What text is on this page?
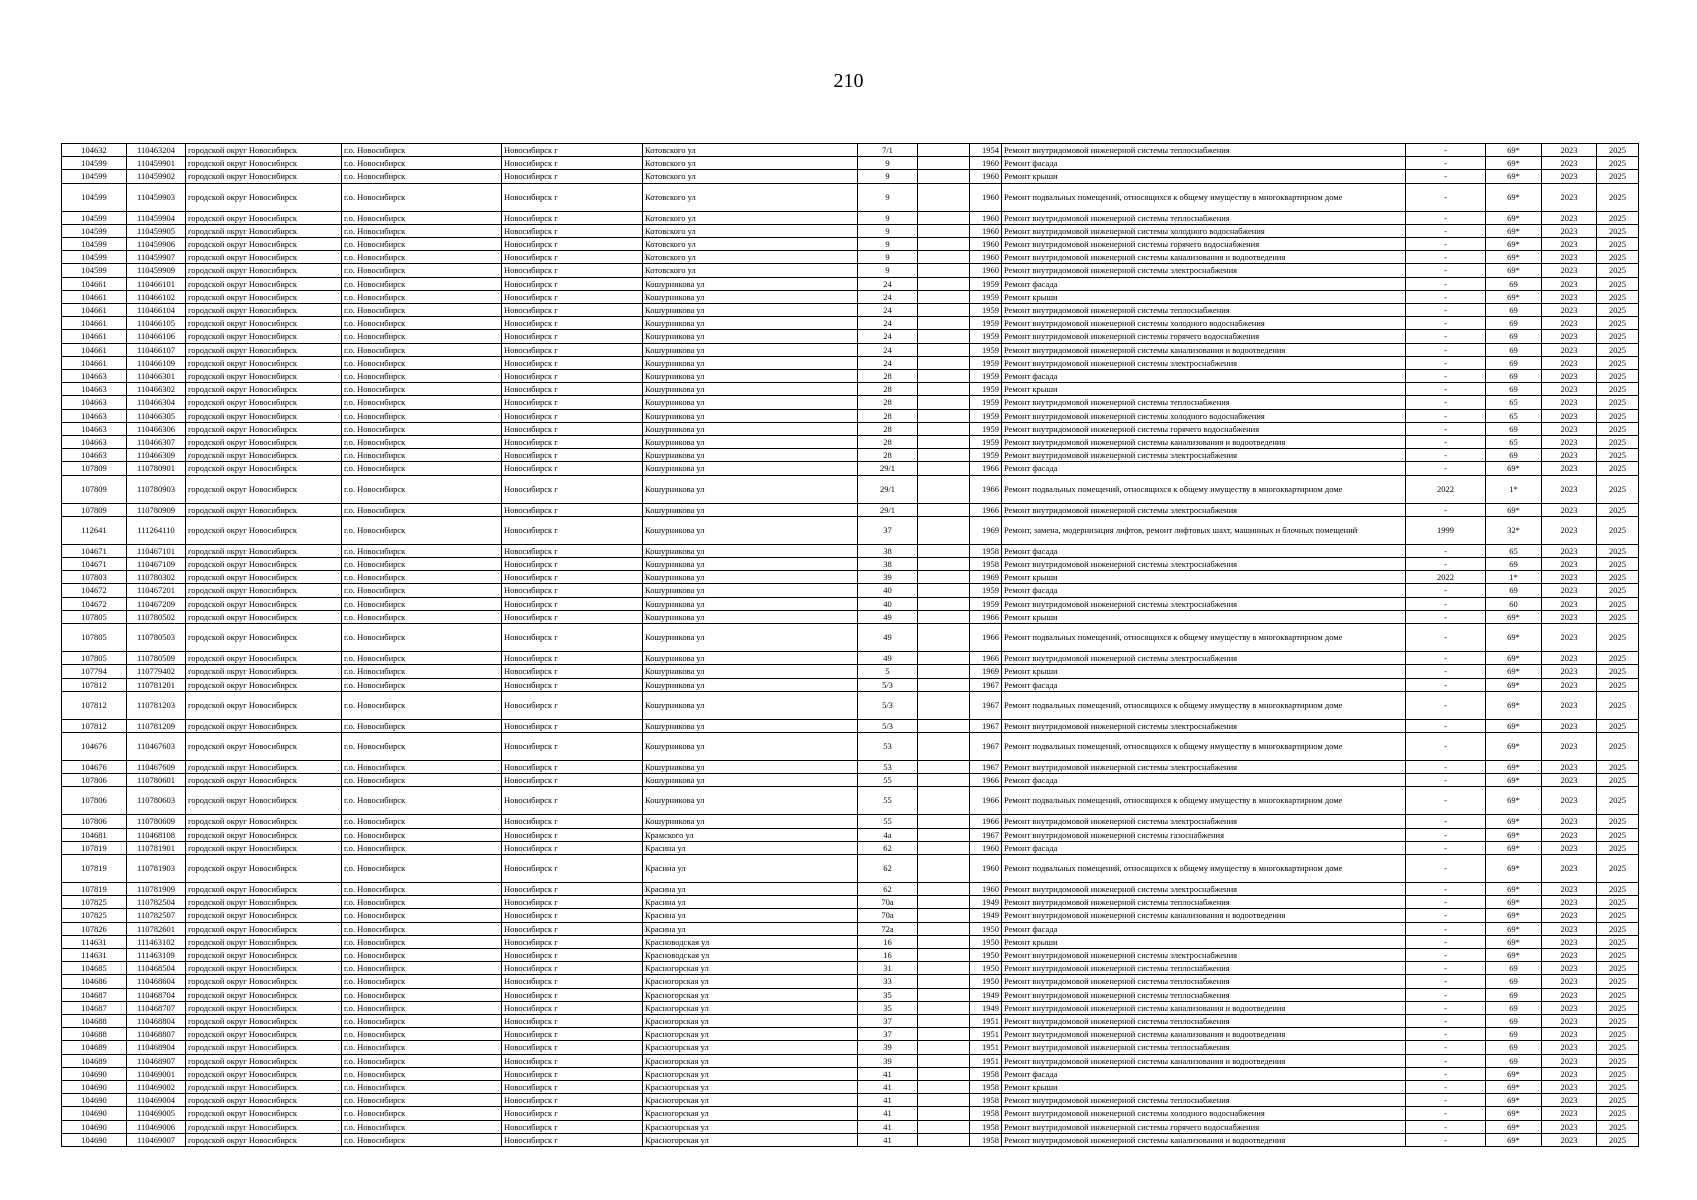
210
104632	110463204	городской округ Новосибирск	г.о. Новосибирск	Новосибирск г	Котовского ул	7/1		1954	Ремонт внутридомовой инженерной системы теплоснабжения	-	69*	2023	2025
104599	110459901	городской округ Новосибирск	г.о. Новосибирск	Новосибирск г	Котовского ул	9		1960	Ремонт фасада	-	69*	2023	2025
104599	110459902	городской округ Новосибирск	г.о. Новосибирск	Новосибирск г	Котовского ул	9		1960	Ремонт крыши	-	69*	2023	2025
104599	110459903	городской округ Новосибирск	г.о. Новосибирск	Новосибирск г	Котовского ул	9		1960	Ремонт подвальных помещений, относящихся к общему имуществу в многоквартирном доме	-	69*	2023	2025
104599	110459904	городской округ Новосибирск	г.о. Новосибирск	Новосибирск г	Котовского ул	9		1960	Ремонт внутридомовой инженерной системы теплоснабжения	-	69*	2023	2025
104599	110459905	городской округ Новосибирск	г.о. Новосибирск	Новосибирск г	Котовского ул	9		1960	Ремонт внутридомовой инженерной системы холодного водоснабжения	-	69*	2023	2025
104599	110459906	городской округ Новосибирск	г.о. Новосибирск	Новосибирск г	Котовского ул	9		1960	Ремонт внутридомовой инженерной системы горячего водоснабжения	-	69*	2023	2025
104599	110459907	городской округ Новосибирск	г.о. Новосибирск	Новосибирск г	Котовского ул	9		1960	Ремонт внутридомовой инженерной системы канализования и водоотведения	-	69*	2023	2025
104599	110459909	городской округ Новосибирск	г.о. Новосибирск	Новосибирск г	Котовского ул	9		1960	Ремонт внутридомовой инженерной системы электроснабжения	-	69*	2023	2025
104661	110466101	городской округ Новосибирск	г.о. Новосибирск	Новосибирск г	Кошурникова ул	24		1959	Ремонт фасада	-	69	2023	2025
104661	110466102	городской округ Новосибирск	г.о. Новосибирск	Новосибирск г	Кошурникова ул	24		1959	Ремонт крыши	-	69*	2023	2025
104661	110466104	городской округ Новосибирск	г.о. Новосибирск	Новосибирск г	Кошурникова ул	24		1959	Ремонт внутридомовой инженерной системы теплоснабжения	-	69	2023	2025
104661	110466105	городской округ Новосибирск	г.о. Новосибирск	Новосибирск г	Кошурникова ул	24		1959	Ремонт внутридомовой инженерной системы холодного водоснабжения	-	69	2023	2025
104661	110466106	городской округ Новосибирск	г.о. Новосибирск	Новосибирск г	Кошурникова ул	24		1959	Ремонт внутридомовой инженерной системы горячего водоснабжения	-	69	2023	2025
104661	110466107	городской округ Новосибирск	г.о. Новосибирск	Новосибирск г	Кошурникова ул	24		1959	Ремонт внутридомовой инженерной системы канализования и водоотведения	-	69	2023	2025
104661	110466109	городской округ Новосибирск	г.о. Новосибирск	Новосибирск г	Кошурникова ул	24		1959	Ремонт внутридомовой инженерной системы электроснабжения	-	69	2023	2025
104663	110466301	городской округ Новосибирск	г.о. Новосибирск	Новосибирск г	Кошурникова ул	28		1959	Ремонт фасада	-	69	2023	2025
104663	110466302	городской округ Новосибирск	г.о. Новосибирск	Новосибирск г	Кошурникова ул	28		1959	Ремонт крыши	-	69	2023	2025
104663	110466304	городской округ Новосибирск	г.о. Новосибирск	Новосибирск г	Кошурникова ул	28		1959	Ремонт внутридомовой инженерной системы теплоснабжения	-	65	2023	2025
104663	110466305	городской округ Новосибирск	г.о. Новосибирск	Новосибирск г	Кошурникова ул	28		1959	Ремонт внутридомовой инженерной системы холодного водоснабжения	-	65	2023	2025
104663	110466306	городской округ Новосибирск	г.о. Новосибирск	Новосибирск г	Кошурникова ул	28		1959	Ремонт внутридомовой инженерной системы горячего водоснабжения	-	69	2023	2025
104663	110466307	городской округ Новосибирск	г.о. Новосибирск	Новосибирск г	Кошурникова ул	28		1959	Ремонт внутридомовой инженерной системы канализования и водоотведения	-	65	2023	2025
104663	110466309	городской округ Новосибирск	г.о. Новосибирск	Новосибирск г	Кошурникова ул	28		1959	Ремонт внутридомовой инженерной системы электроснабжения	-	69	2023	2025
107809	110780901	городской округ Новосибирск	г.о. Новосибирск	Новосибирск г	Кошурникова ул	29/1		1966	Ремонт фасада	-	69*	2023	2025
107809	110780903	городской округ Новосибирск	г.о. Новосибирск	Новосибирск г	Кошурникова ул	29/1		1966	Ремонт подвальных помещений, относящихся к общему имуществу в многоквартирном доме	2022	1*	2023	2025
107809	110780909	городской округ Новосибирск	г.о. Новосибирск	Новосибирск г	Кошурникова ул	29/1		1966	Ремонт внутридомовой инженерной системы электроснабжения	-	69*	2023	2025
112641	111264110	городской округ Новосибирск	г.о. Новосибирск	Новосибирск г	Кошурникова ул	37		1969	Ремонт, замена, модернизация лифтов, ремонт лифтовых шахт, машинных и блочных помещений	1999	32*	2023	2025
104671	110467101	городской округ Новосибирск	г.о. Новосибирск	Новосибирск г	Кошурникова ул	38		1958	Ремонт фасада	-	65	2023	2025
104671	110467109	городской округ Новосибирск	г.о. Новосибирск	Новосибирск г	Кошурникова ул	38		1958	Ремонт внутридомовой инженерной системы электроснабжения	-	69	2023	2025
107803	110780302	городской округ Новосибирск	г.о. Новосибирск	Новосибирск г	Кошурникова ул	39		1969	Ремонт крыши	2022	1*	2023	2025
104672	110467201	городской округ Новосибирск	г.о. Новосибирск	Новосибирск г	Кошурникова ул	40		1959	Ремонт фасада	-	69	2023	2025
104672	110467209	городской округ Новосибирск	г.о. Новосибирск	Новосибирск г	Кошурникова ул	40		1959	Ремонт внутридомовой инженерной системы электроснабжения	-	60	2023	2025
107805	110780502	городской округ Новосибирск	г.о. Новосибирск	Новосибирск г	Кошурникова ул	49		1966	Ремонт крыши	-	69*	2023	2025
107805	110780503	городской округ Новосибирск	г.о. Новосибирск	Новосибирск г	Кошурникова ул	49		1966	Ремонт подвальных помещений, относящихся к общему имуществу в многоквартирном доме	-	69*	2023	2025
107805	110780509	городской округ Новосибирск	г.о. Новосибирск	Новосибирск г	Кошурникова ул	49		1966	Ремонт внутридомовой инженерной системы электроснабжения	-	69*	2023	2025
107794	110779402	городской округ Новосибирск	г.о. Новосибирск	Новосибирск г	Кошурникова ул	5		1969	Ремонт крыши	-	69*	2023	2025
107812	110781201	городской округ Новосибирск	г.о. Новосибирск	Новосибирск г	Кошурникова ул	5/3		1967	Ремонт фасада	-	69*	2023	2025
107812	110781203	городской округ Новосибирск	г.о. Новосибирск	Новосибирск г	Кошурникова ул	5/3		1967	Ремонт подвальных помещений, относящихся к общему имуществу в многоквартирном доме	-	69*	2023	2025
107812	110781209	городской округ Новосибирск	г.о. Новосибирск	Новосибирск г	Кошурникова ул	5/3		1967	Ремонт внутридомовой инженерной системы электроснабжения	-	69*	2023	2025
104676	110467603	городской округ Новосибирск	г.о. Новосибирск	Новосибирск г	Кошурникова ул	53		1967	Ремонт подвальных помещений, относящихся к общему имуществу в многоквартирном доме	-	69*	2023	2025
104676	110467609	городской округ Новосибирск	г.о. Новосибирск	Новосибирск г	Кошурникова ул	53		1967	Ремонт внутридомовой инженерной системы электроснабжения	-	69*	2023	2025
107806	110780601	городской округ Новосибирск	г.о. Новосибирск	Новосибирск г	Кошурникова ул	55		1966	Ремонт фасада	-	69*	2023	2025
107806	110780603	городской округ Новосибирск	г.о. Новосибирск	Новосибирск г	Кошурникова ул	55		1966	Ремонт подвальных помещений, относящихся к общему имуществу в многоквартирном доме	-	69*	2023	2025
107806	110780609	городской округ Новосибирск	г.о. Новосибирск	Новосибирск г	Кошурникова ул	55		1966	Ремонт внутридомовой инженерной системы электроснабжения	-	69*	2023	2025
104681	110468108	городской округ Новосибирск	г.о. Новосибирск	Новосибирск г	Крамского ул	4а		1967	Ремонт внутридомовой инженерной системы газоснабжения	-	69*	2023	2025
107819	110781901	городской округ Новосибирск	г.о. Новосибирск	Новосибирск г	Красина ул	62		1960	Ремонт фасада	-	69*	2023	2025
107819	110781903	городской округ Новосибирск	г.о. Новосибирск	Новосибирск г	Красина ул	62		1960	Ремонт подвальных помещений, относящихся к общему имуществу в многоквартирном доме	-	69*	2023	2025
107819	110781909	городской округ Новосибирск	г.о. Новосибирск	Новосибирск г	Красина ул	62		1960	Ремонт внутридомовой инженерной системы электроснабжения	-	69*	2023	2025
107825	110782504	городской округ Новосибирск	г.о. Новосибирск	Новосибирск г	Красина ул	70а		1949	Ремонт внутридомовой инженерной системы теплоснабжения	-	69*	2023	2025
107825	110782507	городской округ Новосибирск	г.о. Новосибирск	Новосибирск г	Красина ул	70а		1949	Ремонт внутридомовой инженерной системы канализования и водоотведения	-	69*	2023	2025
107826	110782601	городской округ Новосибирск	г.о. Новосибирск	Новосибирск г	Красина ул	72а		1950	Ремонт фасада	-	69*	2023	2025
114631	111463102	городской округ Новосибирск	г.о. Новосибирск	Новосибирск г	Красноводская ул	16		1950	Ремонт крыши	-	69*	2023	2025
114631	111463109	городской округ Новосибирск	г.о. Новосибирск	Новосибирск г	Красноводская ул	16		1950	Ремонт внутридомовой инженерной системы электроснабжения	-	69*	2023	2025
104685	110468504	городской округ Новосибирск	г.о. Новосибирск	Новосибирск г	Красногорская ул	31		1950	Ремонт внутридомовой инженерной системы теплоснабжения	-	69	2023	2025
104686	110468604	городской округ Новосибирск	г.о. Новосибирск	Новосибирск г	Красногорская ул	33		1950	Ремонт внутридомовой инженерной системы теплоснабжения	-	69	2023	2025
104687	110468704	городской округ Новосибирск	г.о. Новосибирск	Новосибирск г	Красногорская ул	35		1949	Ремонт внутридомовой инженерной системы теплоснабжения	-	69	2023	2025
104687	110468707	городской округ Новосибирск	г.о. Новосибирск	Новосибирск г	Красногорская ул	35		1949	Ремонт внутридомовой инженерной системы канализования и водоотведения	-	69	2023	2025
104688	110468804	городской округ Новосибирск	г.о. Новосибирск	Новосибирск г	Красногорская ул	37		1951	Ремонт внутридомовой инженерной системы теплоснабжения	-	69	2023	2025
104688	110468807	городской округ Новосибирск	г.о. Новосибирск	Новосибирск г	Красногорская ул	37		1951	Ремонт внутридомовой инженерной системы канализования и водоотведения	-	69	2023	2025
104689	110468904	городской округ Новосибирск	г.о. Новосибирск	Новосибирск г	Красногорская ул	39		1951	Ремонт внутридомовой инженерной системы теплоснабжения	-	69	2023	2025
104689	110468907	городской округ Новосибирск	г.о. Новосибирск	Новосибирск г	Красногорская ул	39		1951	Ремонт внутридомовой инженерной системы канализования и водоотведения	-	69	2023	2025
104690	110469001	городской округ Новосибирск	г.о. Новосибирск	Новосибирск г	Красногорская ул	41		1958	Ремонт фасада	-	69*	2023	2025
104690	110469002	городской округ Новосибирск	г.о. Новосибирск	Новосибирск г	Красногорская ул	41		1958	Ремонт крыши	-	69*	2023	2025
104690	110469004	городской округ Новосибирск	г.о. Новосибирск	Новосибирск г	Красногорская ул	41		1958	Ремонт внутридомовой инженерной системы теплоснабжения	-	69*	2023	2025
104690	110469005	городской округ Новосибирск	г.о. Новосибирск	Новосибирск г	Красногорская ул	41		1958	Ремонт внутридомовой инженерной системы холодного водоснабжения	-	69*	2023	2025
104690	110469006	городской округ Новосибирск	г.о. Новосибирск	Новосибирск г	Красногорская ул	41		1958	Ремонт внутридомовой инженерной системы горячего водоснабжения	-	69*	2023	2025
104690	110469007	городской округ Новосибирск	г.о. Новосибирск	Новосибирск г	Красногорская ул	41		1958	Ремонт внутридомовой инженерной системы канализования и водоотведения	-	69*	2023	2025
